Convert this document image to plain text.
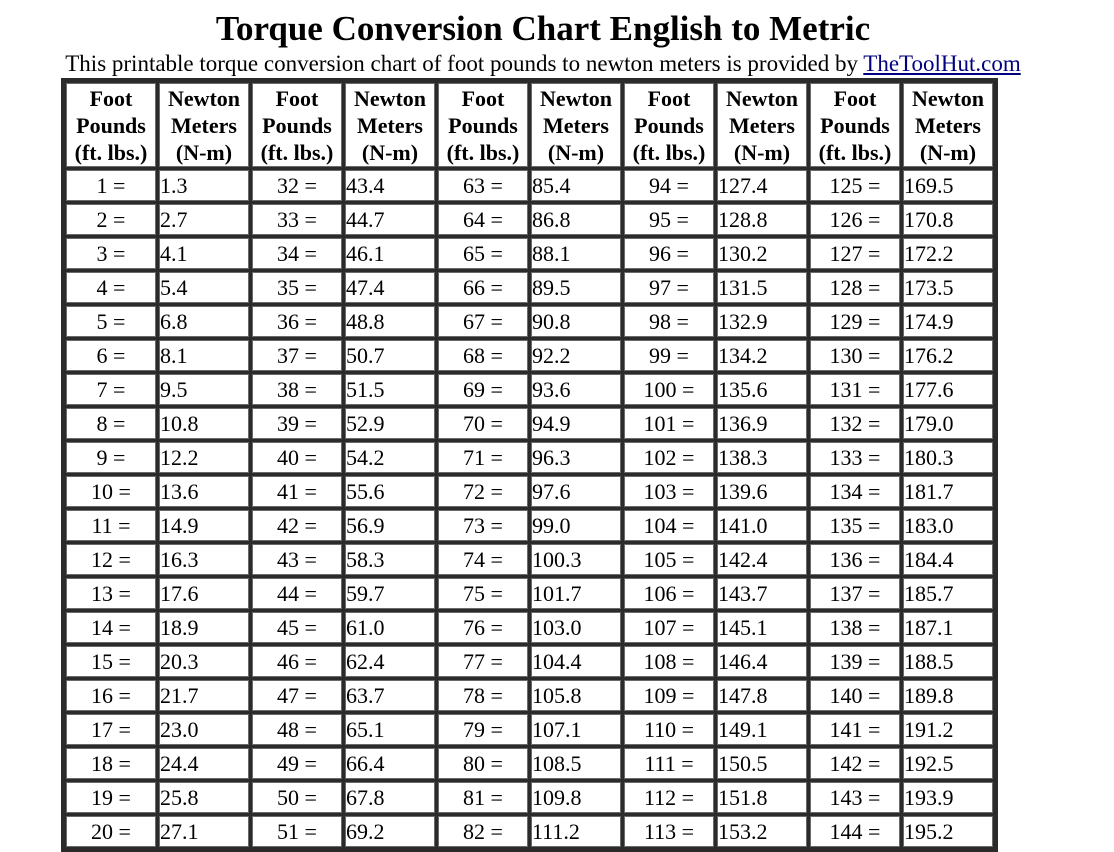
Torque Conversion Chart English to Metric
This printable torque conversion chart of foot pounds to newton meters is provided by TheToolHut.com
Foot
Pounds
(ft. lbs.)	Newton
Meters
(N-m)	Foot
Pounds
(ft. lbs.)	Newton
Meters
(N-m)	Foot
Pounds
(ft. lbs.)	Newton
Meters
(N-m)	Foot
Pounds
(ft. lbs.)	Newton
Meters
(N-m)	Foot
Pounds
(ft. lbs.)	Newton
Meters
(N-m)
1 =	1.3	32 =	43.4	63 =	85.4	94 =	127.4	125 =	169.5
2 =	2.7	33 =	44.7	64 =	86.8	95 =	128.8	126 =	170.8
3 =	4.1	34 =	46.1	65 =	88.1	96 =	130.2	127 =	172.2
4 =	5.4	35 =	47.4	66 =	89.5	97 =	131.5	128 =	173.5
5 =	6.8	36 =	48.8	67 =	90.8	98 =	132.9	129 =	174.9
6 =	8.1	37 =	50.7	68 =	92.2	99 =	134.2	130 =	176.2
7 =	9.5	38 =	51.5	69 =	93.6	100 =	135.6	131 =	177.6
8 =	10.8	39 =	52.9	70 =	94.9	101 =	136.9	132 =	179.0
9 =	12.2	40 =	54.2	71 =	96.3	102 =	138.3	133 =	180.3
10 =	13.6	41 =	55.6	72 =	97.6	103 =	139.6	134 =	181.7
11 =	14.9	42 =	56.9	73 =	99.0	104 =	141.0	135 =	183.0
12 =	16.3	43 =	58.3	74 =	100.3	105 =	142.4	136 =	184.4
13 =	17.6	44 =	59.7	75 =	101.7	106 =	143.7	137 =	185.7
14 =	18.9	45 =	61.0	76 =	103.0	107 =	145.1	138 =	187.1
15 =	20.3	46 =	62.4	77 =	104.4	108 =	146.4	139 =	188.5
16 =	21.7	47 =	63.7	78 =	105.8	109 =	147.8	140 =	189.8
17 =	23.0	48 =	65.1	79 =	107.1	110 =	149.1	141 =	191.2
18 =	24.4	49 =	66.4	80 =	108.5	111 =	150.5	142 =	192.5
19 =	25.8	50 =	67.8	81 =	109.8	112 =	151.8	143 =	193.9
20 =	27.1	51 =	69.2	82 =	111.2	113 =	153.2	144 =	195.2
